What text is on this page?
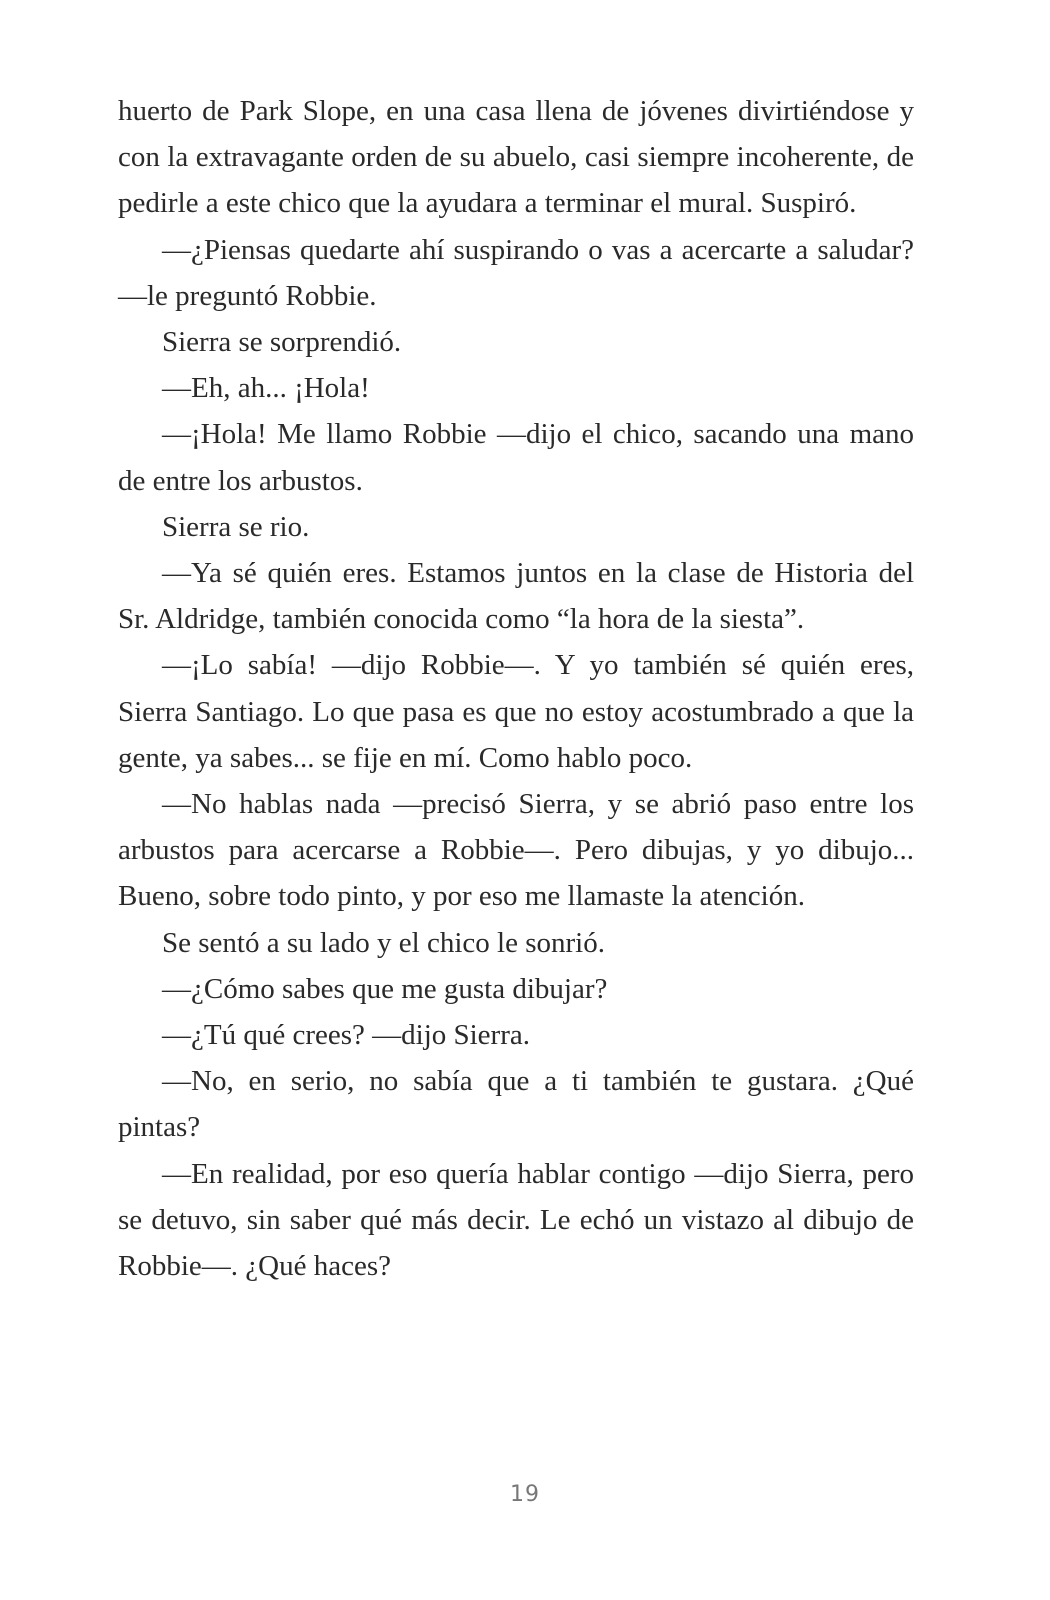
huerto de Park Slope, en una casa llena de jóvenes divirtiéndose y con la extravagante orden de su abuelo, casi siempre incoherente, de pedirle a este chico que la ayudara a terminar el mural. Suspiró.

—¿Piensas quedarte ahí suspirando o vas a acercarte a saludar? —le preguntó Robbie.

Sierra se sorprendió.

—Eh, ah... ¡Hola!

—¡Hola! Me llamo Robbie —dijo el chico, sacando una mano de entre los arbustos.

Sierra se rio.

—Ya sé quién eres. Estamos juntos en la clase de Historia del Sr. Aldridge, también conocida como “la hora de la siesta”.

—¡Lo sabía! —dijo Robbie—. Y yo también sé quién eres, Sierra Santiago. Lo que pasa es que no estoy acostumbrado a que la gente, ya sabes... se fije en mí. Como hablo poco.

—No hablas nada —precisó Sierra, y se abrió paso entre los arbustos para acercarse a Robbie—. Pero dibujas, y yo dibujo... Bueno, sobre todo pinto, y por eso me llamaste la atención.

Se sentó a su lado y el chico le sonrió.

—¿Cómo sabes que me gusta dibujar?

—¿Tú qué crees? —dijo Sierra.

—No, en serio, no sabía que a ti también te gustara. ¿Qué pintas?

—En realidad, por eso quería hablar contigo —dijo Sierra, pero se detuvo, sin saber qué más decir. Le echó un vistazo al dibujo de Robbie—. ¿Qué haces?

19
